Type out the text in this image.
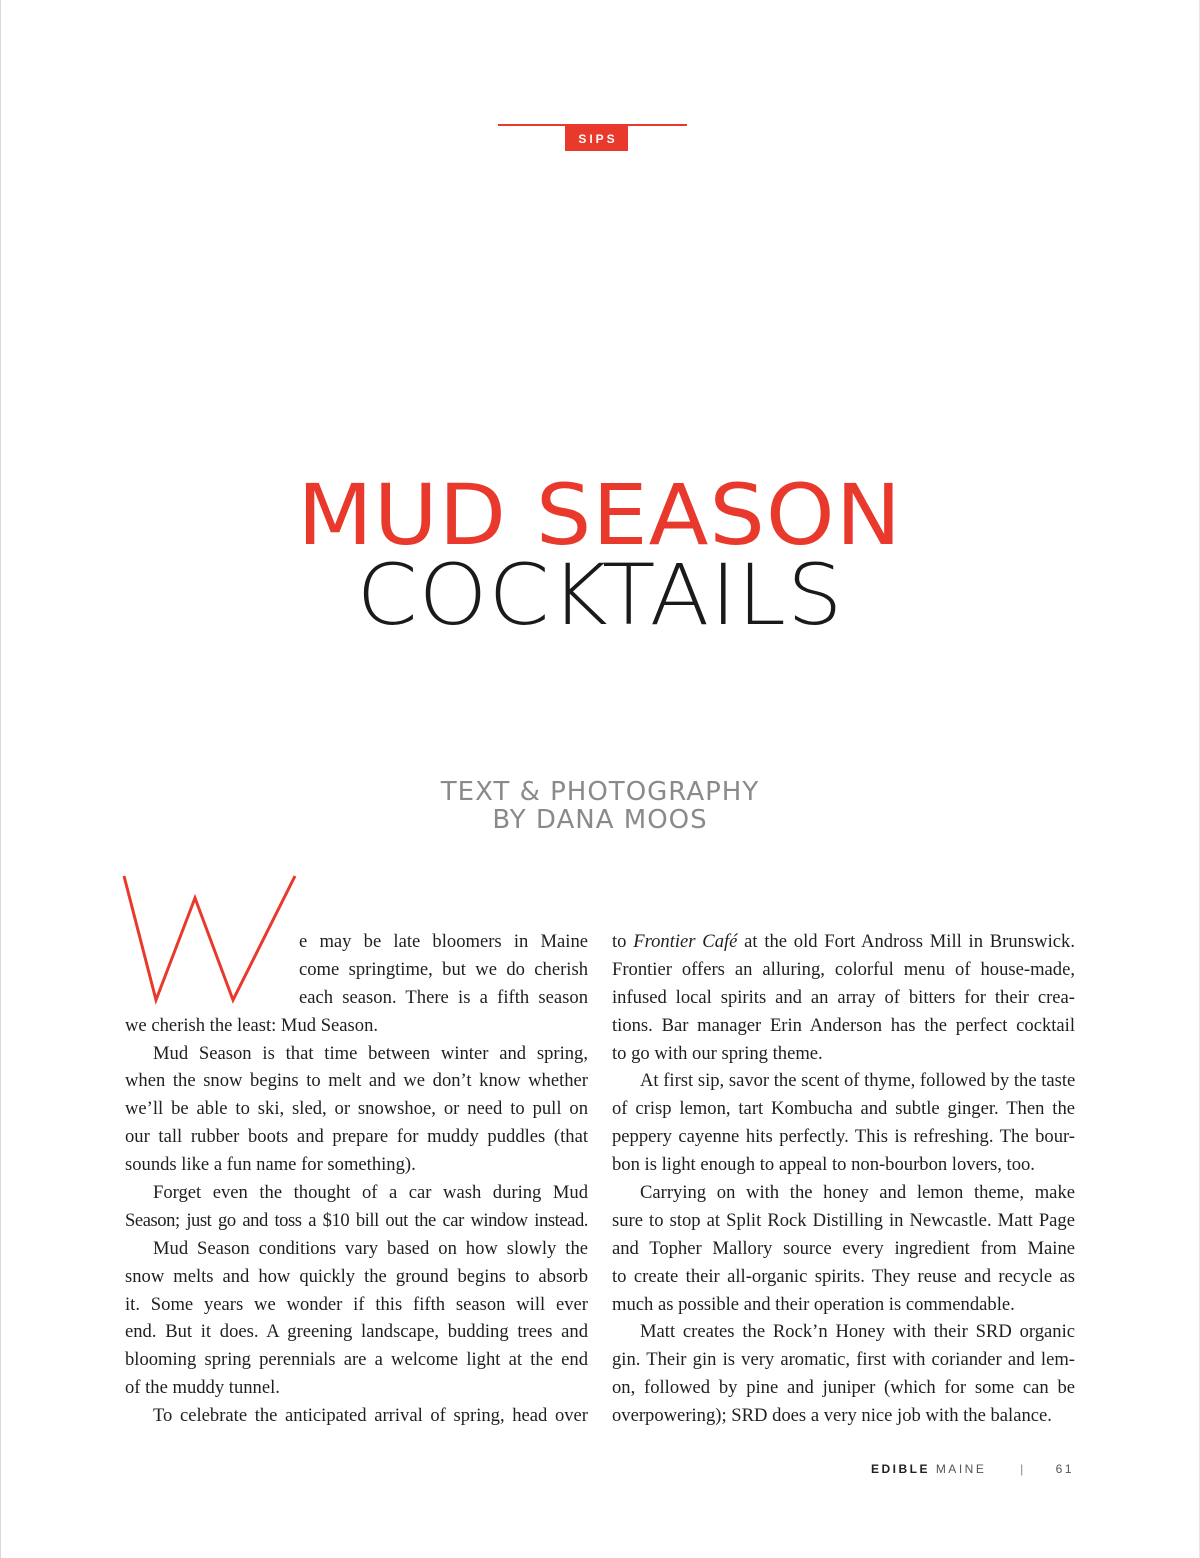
SIPS
MUD SEASON
COCKTAILS
TEXT & PHOTOGRAPHY
BY DANA MOOS
e may be late bloomers in Maine
come springtime, but we do cherish
each season. There is a fifth season
we cherish the least: Mud Season.
Mud Season is that time between winter and spring,
when the snow begins to melt and we don’t know whether
we’ll be able to ski, sled, or snowshoe, or need to pull on
our tall rubber boots and prepare for muddy puddles (that
sounds like a fun name for something).
Forget even the thought of a car wash during Mud
Season; just go and toss a $10 bill out the car window instead.
Mud Season conditions vary based on how slowly the
snow melts and how quickly the ground begins to absorb
it. Some years we wonder if this fifth season will ever
end. But it does. A greening landscape, budding trees and
blooming spring perennials are a welcome light at the end
of the muddy tunnel.
To celebrate the anticipated arrival of spring, head over
to Frontier Café at the old Fort Andross Mill in Brunswick.
Frontier offers an alluring, colorful menu of house-made,
infused local spirits and an array of bitters for their crea-
tions. Bar manager Erin Anderson has the perfect cocktail
to go with our spring theme.
At first sip, savor the scent of thyme, followed by the taste
of crisp lemon, tart Kombucha and subtle ginger. Then the
peppery cayenne hits perfectly. This is refreshing. The bour-
bon is light enough to appeal to non-bourbon lovers, too.
Carrying on with the honey and lemon theme, make
sure to stop at Split Rock Distilling in Newcastle. Matt Page
and Topher Mallory source every ingredient from Maine
to create their all-organic spirits. They reuse and recycle as
much as possible and their operation is commendable.
Matt creates the Rock’n Honey with their SRD organic
gin. Their gin is very aromatic, first with coriander and lem-
on, followed by pine and juniper (which for some can be
overpowering); SRD does a very nice job with the balance.
EDIBLE MAINE	| 61
